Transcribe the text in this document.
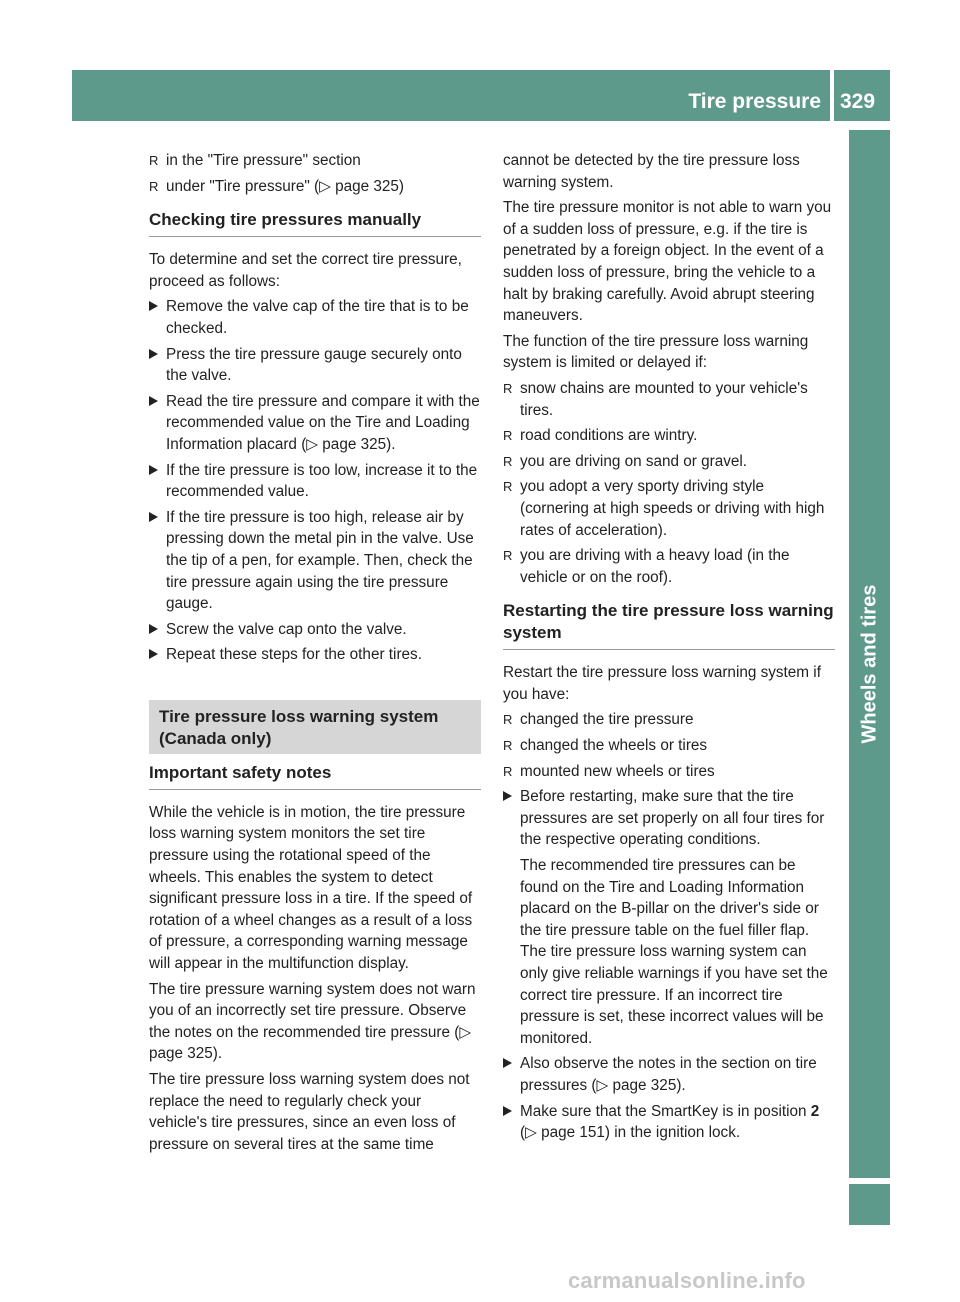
Tire pressure 329
Wheels and tires
R in the "Tire pressure" section
R under "Tire pressure" (▷ page 325)
Checking tire pressures manually

To determine and set the correct tire pressure, proceed as follows:

Remove the valve cap of the tire that is to be checked.
Press the tire pressure gauge securely onto the valve.
Read the tire pressure and compare it with the recommended value on the Tire and Loading Information placard (▷ page 325).
If the tire pressure is too low, increase it to the recommended value.
If the tire pressure is too high, release air by pressing down the metal pin in the valve. Use the tip of a pen, for example. Then, check the tire pressure again using the tire pressure gauge.
Screw the valve cap onto the valve.
Repeat these steps for the other tires.
Tire pressure loss warning system (Canada only)
Important safety notes

While the vehicle is in motion, the tire pressure loss warning system monitors the set tire pressure using the rotational speed of the wheels. This enables the system to detect significant pressure loss in a tire. If the speed of rotation of a wheel changes as a result of a loss of pressure, a corresponding warning message will appear in the multifunction display.

The tire pressure warning system does not warn you of an incorrectly set tire pressure. Observe the notes on the recommended tire pressure (▷ page 325).

The tire pressure loss warning system does not replace the need to regularly check your vehicle's tire pressures, since an even loss of pressure on several tires at the same time

cannot be detected by the tire pressure loss warning system.

The tire pressure monitor is not able to warn you of a sudden loss of pressure, e.g. if the tire is penetrated by a foreign object. In the event of a sudden loss of pressure, bring the vehicle to a halt by braking carefully. Avoid abrupt steering maneuvers.

The function of the tire pressure loss warning system is limited or delayed if:

R snow chains are mounted to your vehicle's tires.
R road conditions are wintry.
R you are driving on sand or gravel.
R you adopt a very sporty driving style (cornering at high speeds or driving with high rates of acceleration).
R you are driving with a heavy load (in the vehicle or on the roof).
Restarting the tire pressure loss warning system

Restart the tire pressure loss warning system if you have:

R changed the tire pressure
R changed the wheels or tires
R mounted new wheels or tires
Before restarting, make sure that the tire pressures are set properly on all four tires for the respective operating conditions.

The recommended tire pressures can be found on the Tire and Loading Information placard on the B-pillar on the driver's side or the tire pressure table on the fuel filler flap. The tire pressure loss warning system can only give reliable warnings if you have set the correct tire pressure. If an incorrect tire pressure is set, these incorrect values will be monitored.

Also observe the notes in the section on tire pressures (▷ page 325).
Make sure that the SmartKey is in position 2 (▷ page 151) in the ignition lock.
carmanualsonline.info
